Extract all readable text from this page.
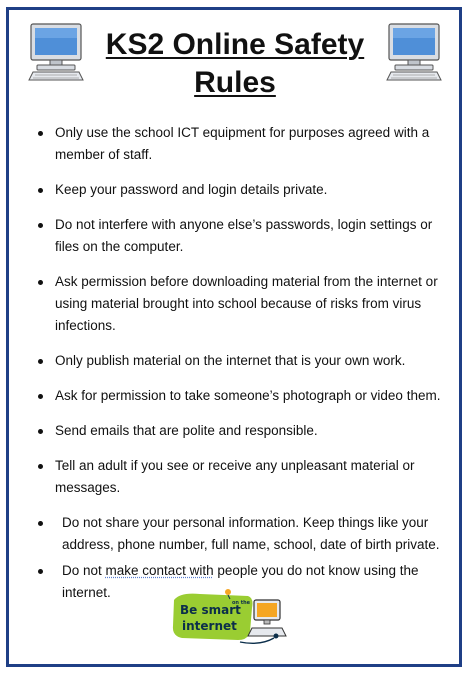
KS2 Online Safety
Rules
Only use the school ICT equipment for purposes agreed with a member of staff.
Keep your password and login details private.
Do not interfere with anyone else’s passwords, login settings or files on the computer.
Ask permission before downloading material from the internet or using material brought into school because of risks from virus infections.
Only publish material on the internet that is your own work.
Ask for permission to take someone’s photograph or video them.
Send emails that are polite and responsible.
Tell an adult if you see or receive any unpleasant material or messages.
Do not share your personal information. Keep things like your address, phone number, full name, school, date of birth private.
Do not make contact with people you do not know using the internet.
Be smart
on the
internet
